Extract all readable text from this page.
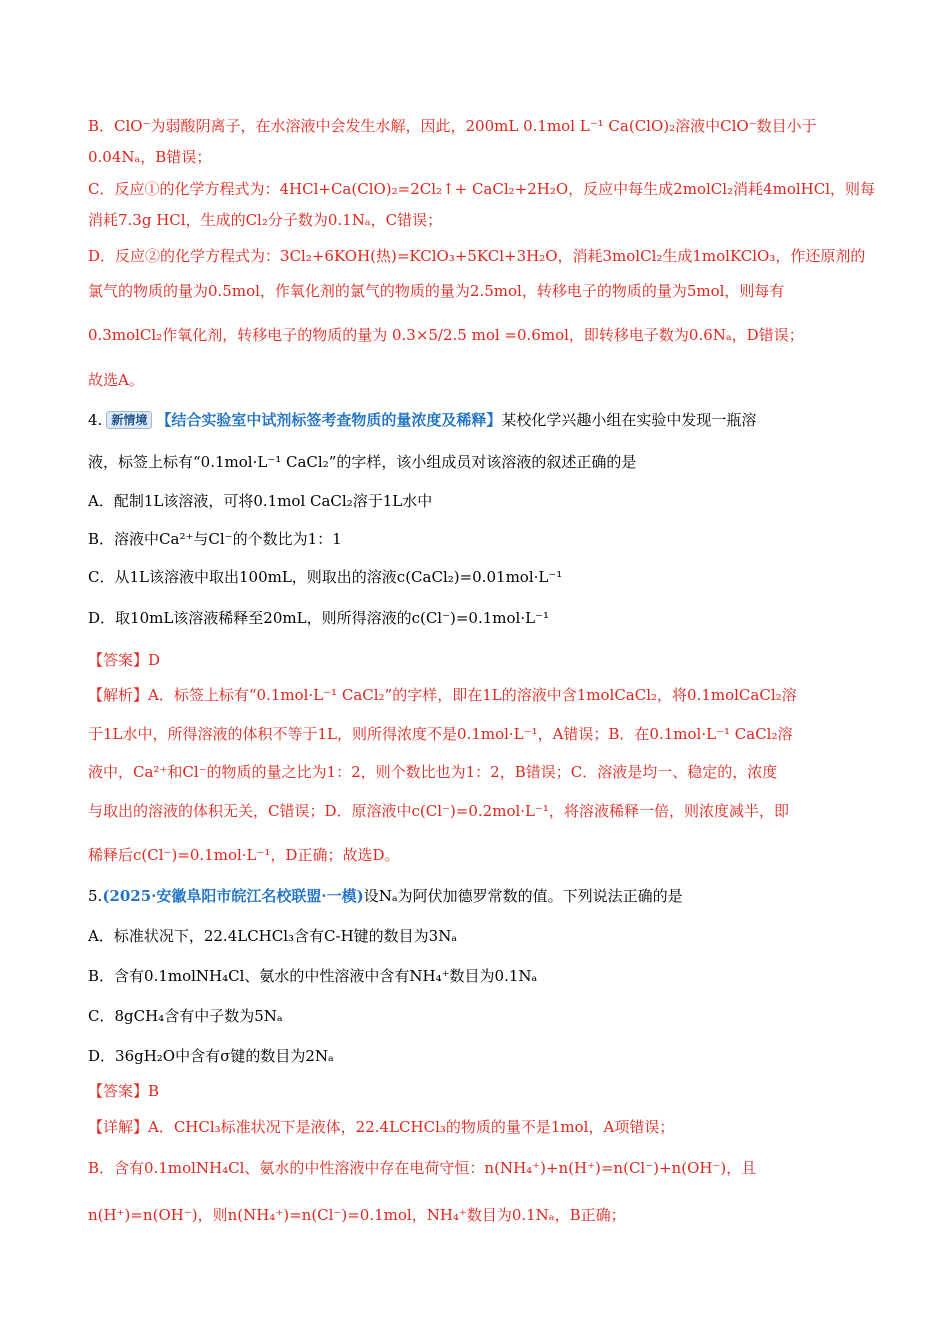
B．ClO⁻为弱酸阴离子，在水溶液中会发生水解，因此，200mL 0.1mol L⁻¹ Ca(ClO)₂溶液中ClO⁻数目小于
0.04Nₐ，B错误；
C．反应①的化学方程式为：4HCl+Ca(ClO)₂=2Cl₂↑+ CaCl₂+2H₂O，反应中每生成2molCl₂消耗4molHCl，则每
消耗7.3g HCl，生成的Cl₂分子数为0.1Nₐ，C错误；
D．反应②的化学方程式为：3Cl₂+6KOH(热)=KClO₃+5KCl+3H₂O，消耗3molCl₂生成1molKClO₃，作还原剂的
氯气的物质的量为0.5mol，作氧化剂的氯气的物质的量为2.5mol，转移电子的物质的量为5mol，则每有
0.3molCl₂作氧化剂，转移电子的物质的量为 0.3×5/2.5 mol =0.6mol，即转移电子数为0.6Nₐ，D错误；
故选A。
4. 新情境 【结合实验室中试剂标签考查物质的量浓度及稀释】某校化学兴趣小组在实验中发现一瓶溶
液，标签上标有“0.1mol·L⁻¹ CaCl₂”的字样，该小组成员对该溶液的叙述正确的是
A．配制1L该溶液，可将0.1mol CaCl₂溶于1L水中
B．溶液中Ca²⁺与Cl⁻的个数比为1：1
C．从1L该溶液中取出100mL，则取出的溶液c(CaCl₂)=0.01mol·L⁻¹
D．取10mL该溶液稀释至20mL，则所得溶液的c(Cl⁻)=0.1mol·L⁻¹
【答案】D
【解析】A．标签上标有“0.1mol·L⁻¹ CaCl₂”的字样，即在1L的溶液中含1molCaCl₂，将0.1molCaCl₂溶
于1L水中，所得溶液的体积不等于1L，则所得浓度不是0.1mol·L⁻¹，A错误；B．在0.1mol·L⁻¹ CaCl₂溶
液中，Ca²⁺和Cl⁻的物质的量之比为1：2，则个数比也为1：2，B错误；C．溶液是均一、稳定的，浓度
与取出的溶液的体积无关，C错误；D．原溶液中c(Cl⁻)=0.2mol·L⁻¹，将溶液稀释一倍，则浓度减半，即
稀释后c(Cl⁻)=0.1mol·L⁻¹，D正确；故选D。
5.(2025·安徽阜阳市皖江名校联盟·一模)设Nₐ为阿伏加德罗常数的值。下列说法正确的是
A．标准状况下，22.4LCHCl₃含有C-H键的数目为3Nₐ
B．含有0.1molNH₄Cl、氨水的中性溶液中含有NH₄⁺数目为0.1Nₐ
C．8gCH₄含有中子数为5Nₐ
D．36gH₂O中含有σ键的数目为2Nₐ
【答案】B
【详解】A．CHCl₃标准状况下是液体，22.4LCHCl₃的物质的量不是1mol，A项错误；
B．含有0.1molNH₄Cl、氨水的中性溶液中存在电荷守恒：n(NH₄⁺)+n(H⁺)=n(Cl⁻)+n(OH⁻)，且
n(H⁺)=n(OH⁻)，则n(NH₄⁺)=n(Cl⁻)=0.1mol，NH₄⁺数目为0.1Nₐ，B正确；
